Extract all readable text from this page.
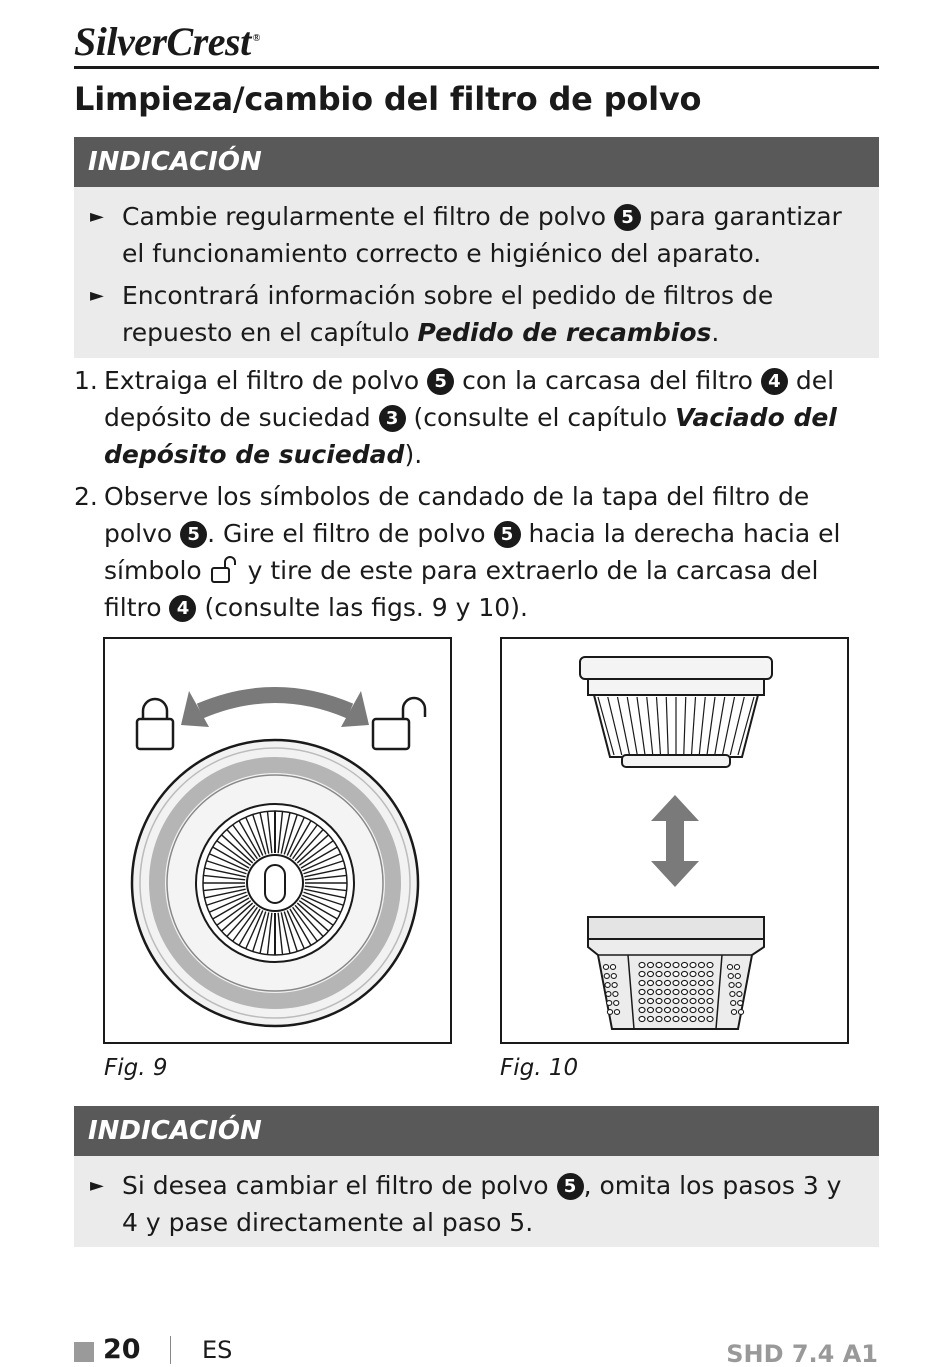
SilverCrest ®
Limpieza/cambio del filtro de polvo
INDICACIÓN
► Cambie regularmente el filtro de polvo 5 para garantizar el funcionamiento correcto e higiénico del aparato.
► Encontrará información sobre el pedido de filtros de repuesto en el capítulo Pedido de recambios.
1. Extraiga el filtro de polvo 5 con la carcasa del filtro 4 del depósito de suciedad 3 (consulte el capítulo Vaciado del depósito de suciedad).
2. Observe los símbolos de candado de la tapa del filtro de polvo 5 . Gire el filtro de polvo 5 hacia la derecha hacia el símbolo y tire de este para extraerlo de la carcasa del filtro 4 (consulte las figs. 9 y 10).
Fig. 9	Fig. 10
INDICACIÓN
► Si desea cambiar el filtro de polvo 5 , omita los pasos 3 y 4 y pase directamente al paso 5.
20	ES	SHD 7.4 A1
